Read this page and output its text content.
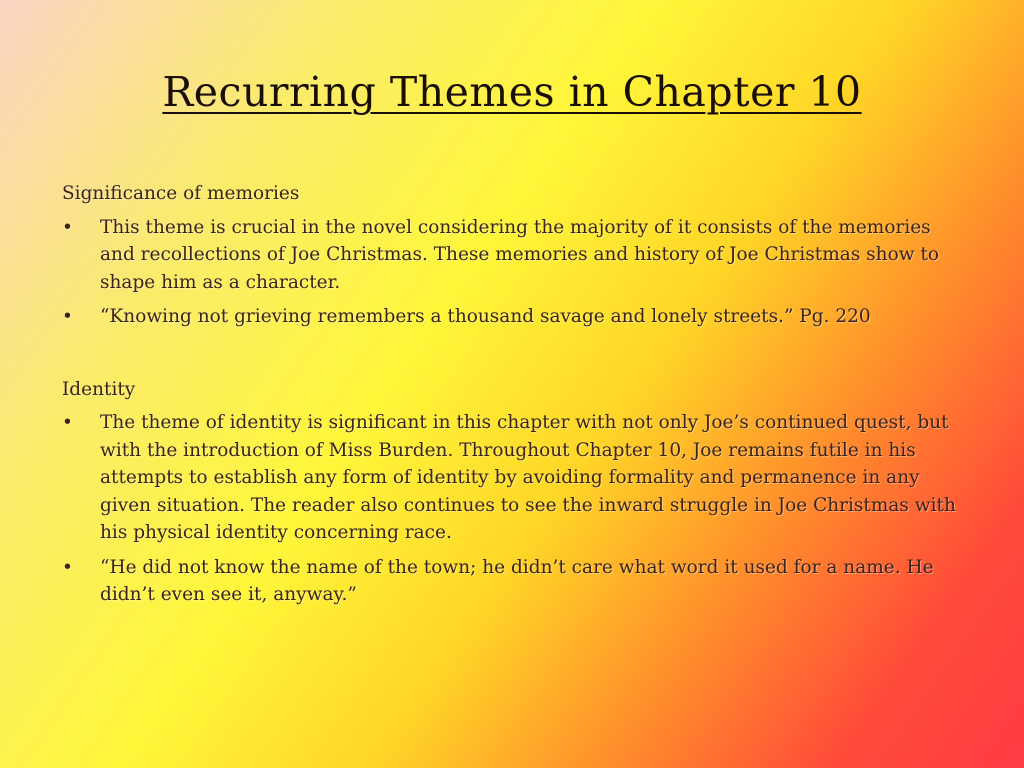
Recurring Themes in Chapter 10

Significance of memories

•	This theme is crucial in the novel considering the majority of it consists of the memories and recollections of Joe Christmas. These memories and history of Joe Christmas show to shape him as a character.
•	“Knowing not grieving remembers a thousand savage and lonely streets.” Pg. 220

Identity

•	The theme of identity is significant in this chapter with not only Joe’s continued quest, but with the introduction of Miss Burden. Throughout Chapter 10, Joe remains futile in his attempts to establish any form of identity by avoiding formality and permanence in any given situation. The reader also continues to see the inward struggle in Joe Christmas with his physical identity concerning race.
•	“He did not know the name of the town; he didn’t care what word it used for a name. He didn’t even see it, anyway.”
